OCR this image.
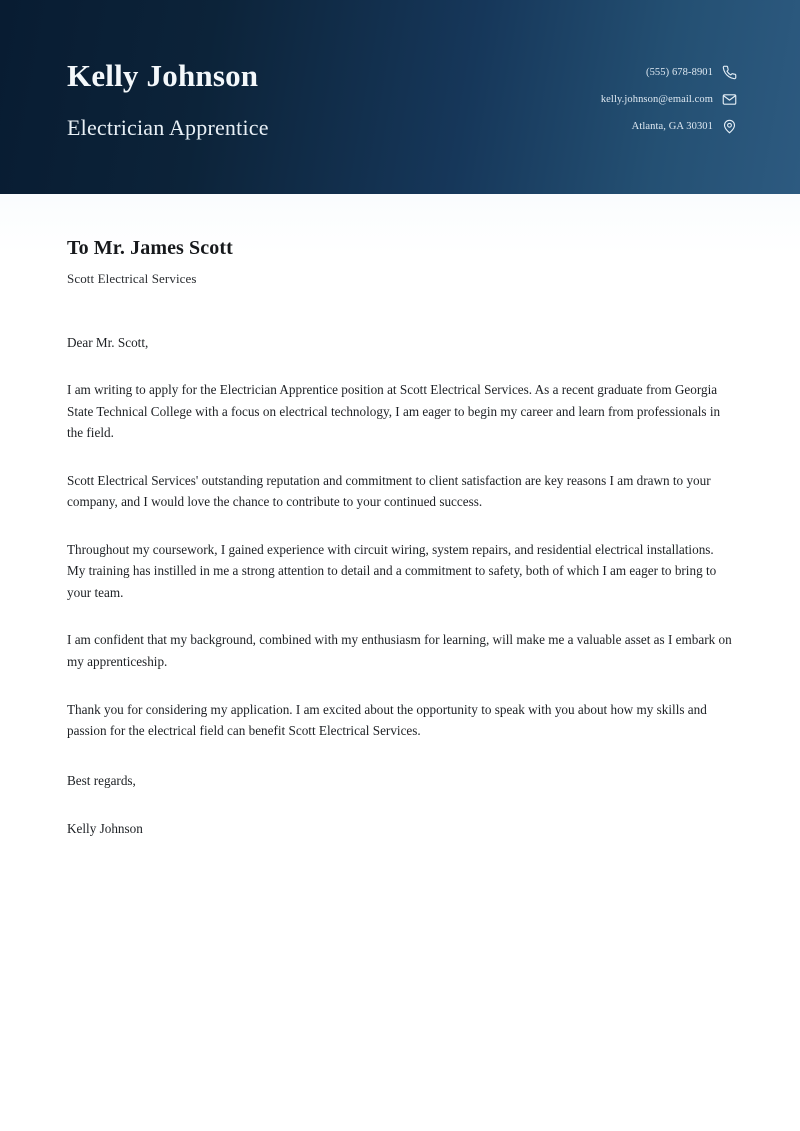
Kelly Johnson
Electrician Apprentice
(555) 678-8901
kelly.johnson@email.com
Atlanta, GA 30301
To Mr. James Scott
Scott Electrical Services
Dear Mr. Scott,

I am writing to apply for the Electrician Apprentice position at Scott Electrical Services. As a recent graduate from Georgia State Technical College with a focus on electrical technology, I am eager to begin my career and learn from professionals in the field.

Scott Electrical Services' outstanding reputation and commitment to client satisfaction are key reasons I am drawn to your company, and I would love the chance to contribute to your continued success.

Throughout my coursework, I gained experience with circuit wiring, system repairs, and residential electrical installations. My training has instilled in me a strong attention to detail and a commitment to safety, both of which I am eager to bring to your team.

I am confident that my background, combined with my enthusiasm for learning, will make me a valuable asset as I embark on my apprenticeship.

Thank you for considering my application. I am excited about the opportunity to speak with you about how my skills and passion for the electrical field can benefit Scott Electrical Services.

Best regards,
Kelly Johnson
